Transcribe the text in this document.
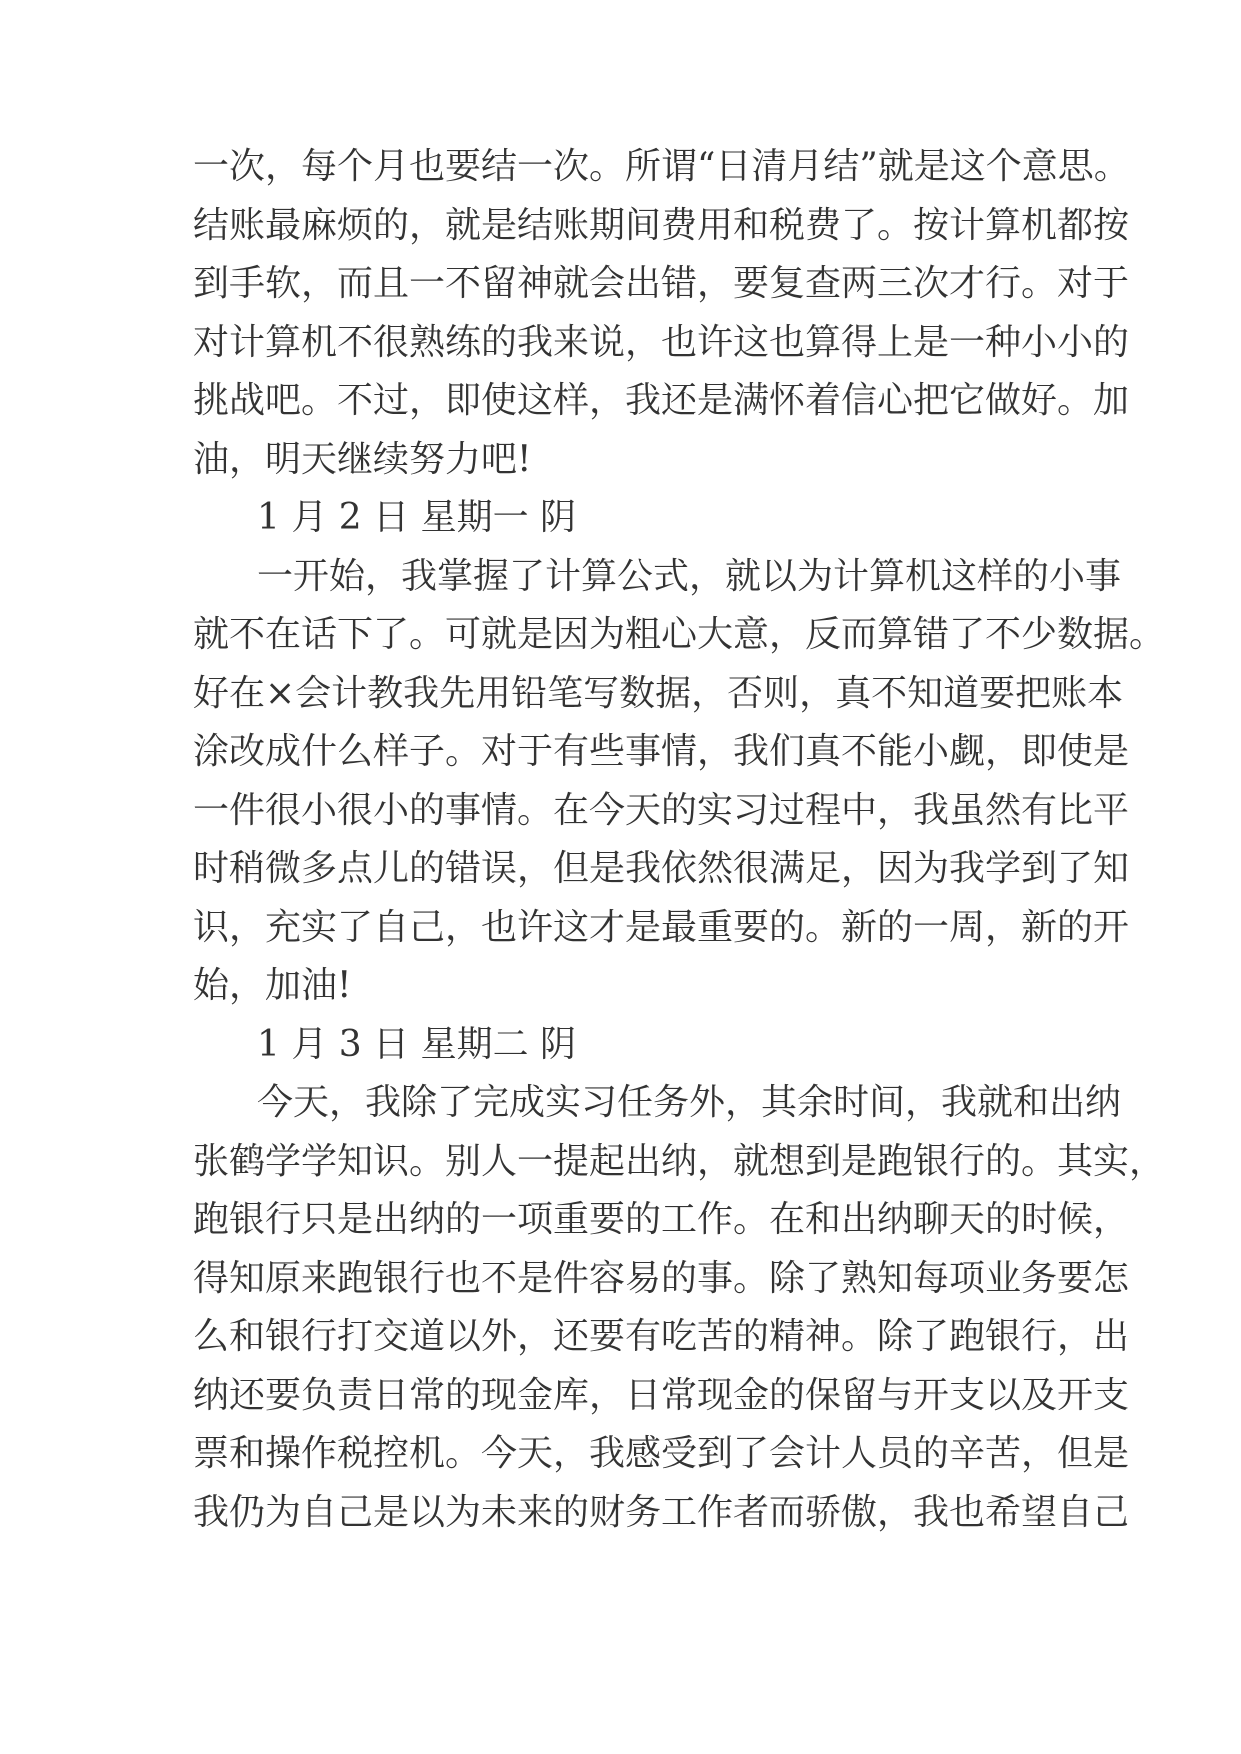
一次，每个月也要结一次。所谓“日清月结”就是这个意思。
结账最麻烦的，就是结账期间费用和税费了。按计算机都按
到手软，而且一不留神就会出错，要复查两三次才行。对于
对计算机不很熟练的我来说，也许这也算得上是一种小小的
挑战吧。不过，即使这样，我还是满怀着信心把它做好。加
油，明天继续努力吧!
1 月 2 日 星期一 阴
一开始，我掌握了计算公式，就以为计算机这样的小事
就不在话下了。可就是因为粗心大意，反而算错了不少数据。
好在×会计教我先用铅笔写数据，否则，真不知道要把账本
涂改成什么样子。对于有些事情，我们真不能小觑，即使是
一件很小很小的事情。在今天的实习过程中，我虽然有比平
时稍微多点儿的错误，但是我依然很满足，因为我学到了知
识，充实了自己，也许这才是最重要的。新的一周，新的开
始，加油!
1 月 3 日 星期二 阴
今天，我除了完成实习任务外，其余时间，我就和出纳
张鹤学学知识。别人一提起出纳，就想到是跑银行的。其实，
跑银行只是出纳的一项重要的工作。在和出纳聊天的时候，
得知原来跑银行也不是件容易的事。除了熟知每项业务要怎
么和银行打交道以外，还要有吃苦的精神。除了跑银行，出
纳还要负责日常的现金库，日常现金的保留与开支以及开支
票和操作税控机。今天，我感受到了会计人员的辛苦，但是
我仍为自己是以为未来的财务工作者而骄傲，我也希望自己
